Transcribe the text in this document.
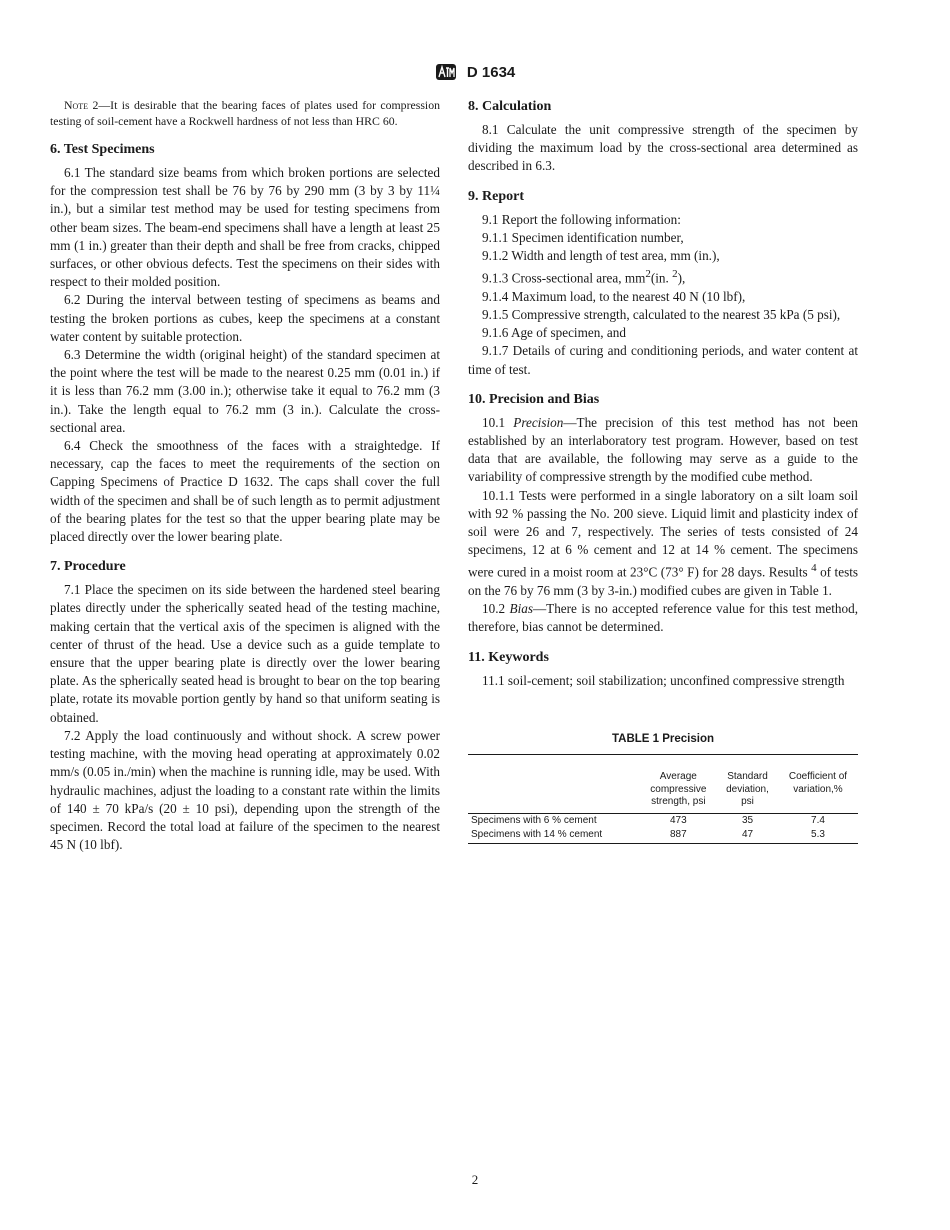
D 1634

Note 2—It is desirable that the bearing faces of plates used for compression testing of soil-cement have a Rockwell hardness of not less than HRC 60.

6. Test Specimens

6.1 The standard size beams from which broken portions are selected for the compression test shall be 76 by 76 by 290 mm (3 by 3 by 11¼ in.), but a similar test method may be used for testing specimens from other beam sizes. The beam-end specimens shall have a length at least 25 mm (1 in.) greater than their depth and shall be free from cracks, chipped surfaces, or other obvious defects. Test the specimens on their sides with respect to their molded position.

6.2 During the interval between testing of specimens as beams and testing the broken portions as cubes, keep the specimens at a constant water content by suitable protection.

6.3 Determine the width (original height) of the standard specimen at the point where the test will be made to the nearest 0.25 mm (0.01 in.) if it is less than 76.2 mm (3.00 in.); otherwise take it equal to 76.2 mm (3 in.). Take the length equal to 76.2 mm (3 in.). Calculate the cross-sectional area.

6.4 Check the smoothness of the faces with a straightedge. If necessary, cap the faces to meet the requirements of the section on Capping Specimens of Practice D 1632. The caps shall cover the full width of the specimen and shall be of such length as to permit adjustment of the bearing plates for the test so that the upper bearing plate may be placed directly over the lower bearing plate.

7. Procedure

7.1 Place the specimen on its side between the hardened steel bearing plates directly under the spherically seated head of the testing machine, making certain that the vertical axis of the specimen is aligned with the center of thrust of the head. Use a device such as a guide template to ensure that the upper bearing plate is directly over the lower bearing plate. As the spherically seated head is brought to bear on the top bearing plate, rotate its movable portion gently by hand so that uniform seating is obtained.

7.2 Apply the load continuously and without shock. A screw power testing machine, with the moving head operating at approximately 0.02 mm/s (0.05 in./min) when the machine is running idle, may be used. With hydraulic machines, adjust the loading to a constant rate within the limits of 140 ± 70 kPa/s (20 ± 10 psi), depending upon the strength of the specimen. Record the total load at failure of the specimen to the nearest 45 N (10 lbf).

8. Calculation

8.1 Calculate the unit compressive strength of the specimen by dividing the maximum load by the cross-sectional area determined as described in 6.3.

9. Report

9.1 Report the following information:

9.1.1 Specimen identification number,

9.1.2 Width and length of test area, mm (in.),

9.1.3 Cross-sectional area, $mm^2(in$. $^2$),

9.1.4 Maximum load, to the nearest 40 N (10 lbf),

9.1.5 Compressive strength, calculated to the nearest 35 kPa (5 psi),

9.1.6 Age of specimen, and

9.1.7 Details of curing and conditioning periods, and water content at time of test.

10. Precision and Bias

10.1 Precision—The precision of this test method has not been established by an interlaboratory test program. However, based on test data that are available, the following may serve as a guide to the variability of compressive strength by the modified cube method.

10.1.1 Tests were performed in a single laboratory on a silt loam soil with 92 % passing the No. 200 sieve. Liquid limit and plasticity index of soil were 26 and 7, respectively. The series of tests consisted of 24 specimens, 12 at 6 % cement and 12 at 14 % cement. The specimens were cured in a moist room at 23°C (73° F) for 28 days. Results $^4$ of tests on the 76 by 76 mm (3 by 3-in.) modified cubes are given in Table 1.

10.2 Bias—There is no accepted reference value for this test method, therefore, bias cannot be determined.

11. Keywords

11.1 soil-cement; soil stabilization; unconfined compressive strength

TABLE 1 Precision
	Average
compressive
strength, psi	Standard
deviation,
psi	Coefficient of
variation,%

Specimens with 6 % cement	473	35	7.4
Specimens with 14 % cement	887	47	5.3
2
